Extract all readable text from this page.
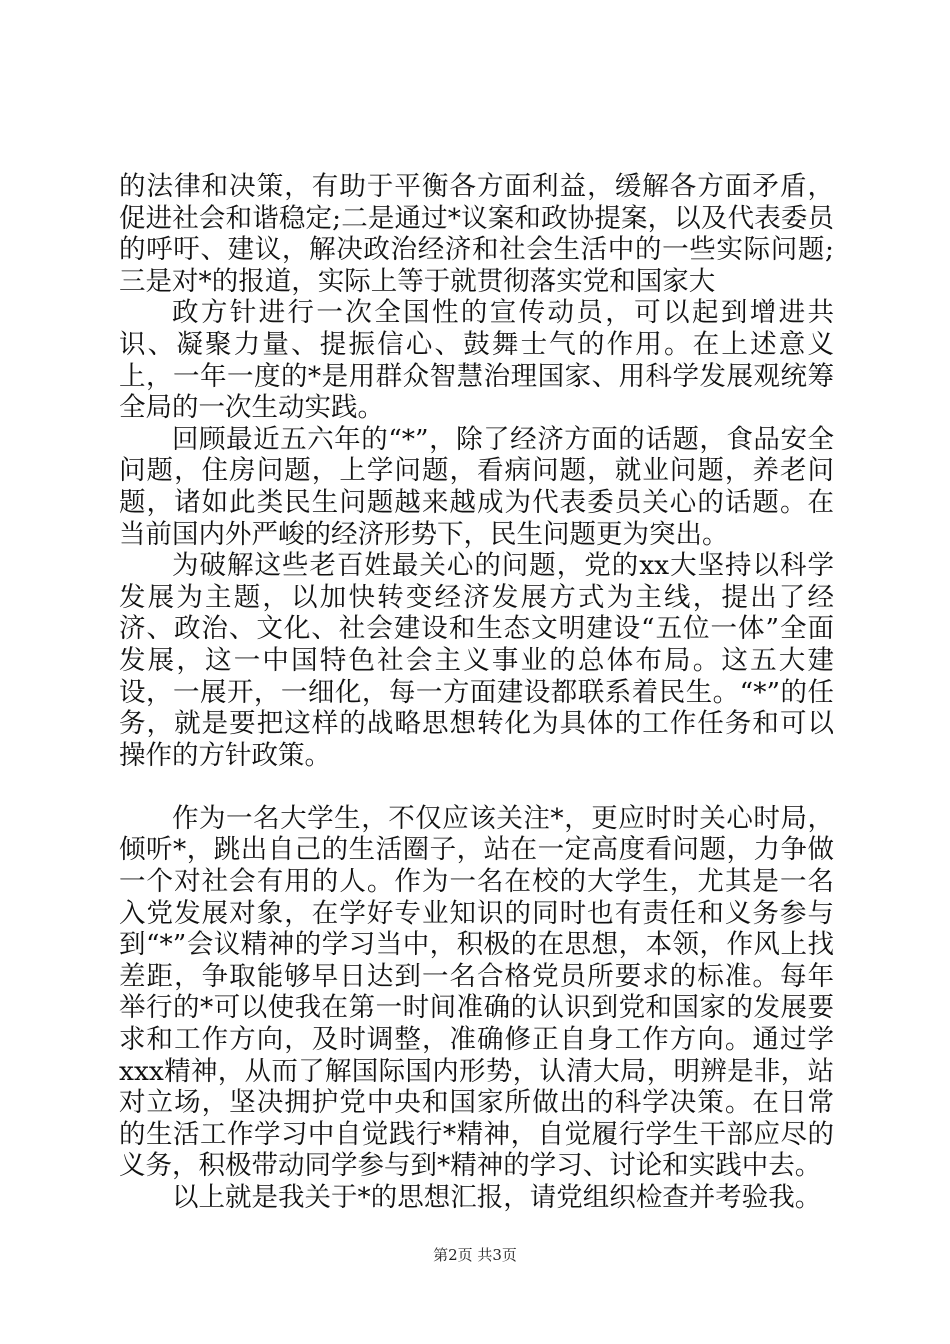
的法律和决策，有助于平衡各方面利益，缓解各方面矛盾，促进社会和谐稳定;二是通过*议案和政协提案，以及代表委员的呼吁、建议，解决政治经济和社会生活中的一些实际问题;三是对*的报道，实际上等于就贯彻落实党和国家大

政方针进行一次全国性的宣传动员，可以起到增进共识、凝聚力量、提振信心、鼓舞士气的作用。在上述意义上，一年一度的*是用群众智慧治理国家、用科学发展观统筹全局的一次生动实践。

回顾最近五六年的“*”，除了经济方面的话题，食品安全问题，住房问题，上学问题，看病问题，就业问题，养老问题，诸如此类民生问题越来越成为代表委员关心的话题。在当前国内外严峻的经济形势下，民生问题更为突出。

为破解这些老百姓最关心的问题，党的xx大坚持以科学发展为主题，以加快转变经济发展方式为主线，提出了经济、政治、文化、社会建设和生态文明建设“五位一体”全面发展，这一中国特色社会主义事业的总体布局。这五大建设，一展开，一细化，每一方面建设都联系着民生。“*”的任务，就是要把这样的战略思想转化为具体的工作任务和可以操作的方针政策。

作为一名大学生，不仅应该关注*，更应时时关心时局，倾听*，跳出自己的生活圈子，站在一定高度看问题，力争做一个对社会有用的人。作为一名在校的大学生，尤其是一名入党发展对象，在学好专业知识的同时也有责任和义务参与到“*”会议精神的学习当中，积极的在思想，本领，作风上找差距，争取能够早日达到一名合格党员所要求的标准。每年举行的*可以使我在第一时间准确的认识到党和国家的发展要求和工作方向，及时调整，准确修正自身工作方向。通过学xxx精神，从而了解国际国内形势，认清大局，明辨是非，站对立场，坚决拥护党中央和国家所做出的科学决策。在日常的生活工作学习中自觉践行*精神，自觉履行学生干部应尽的义务，积极带动同学参与到*精神的学习、讨论和实践中去。

以上就是我关于*的思想汇报，请党组织检查并考验我。

第2页 共3页
